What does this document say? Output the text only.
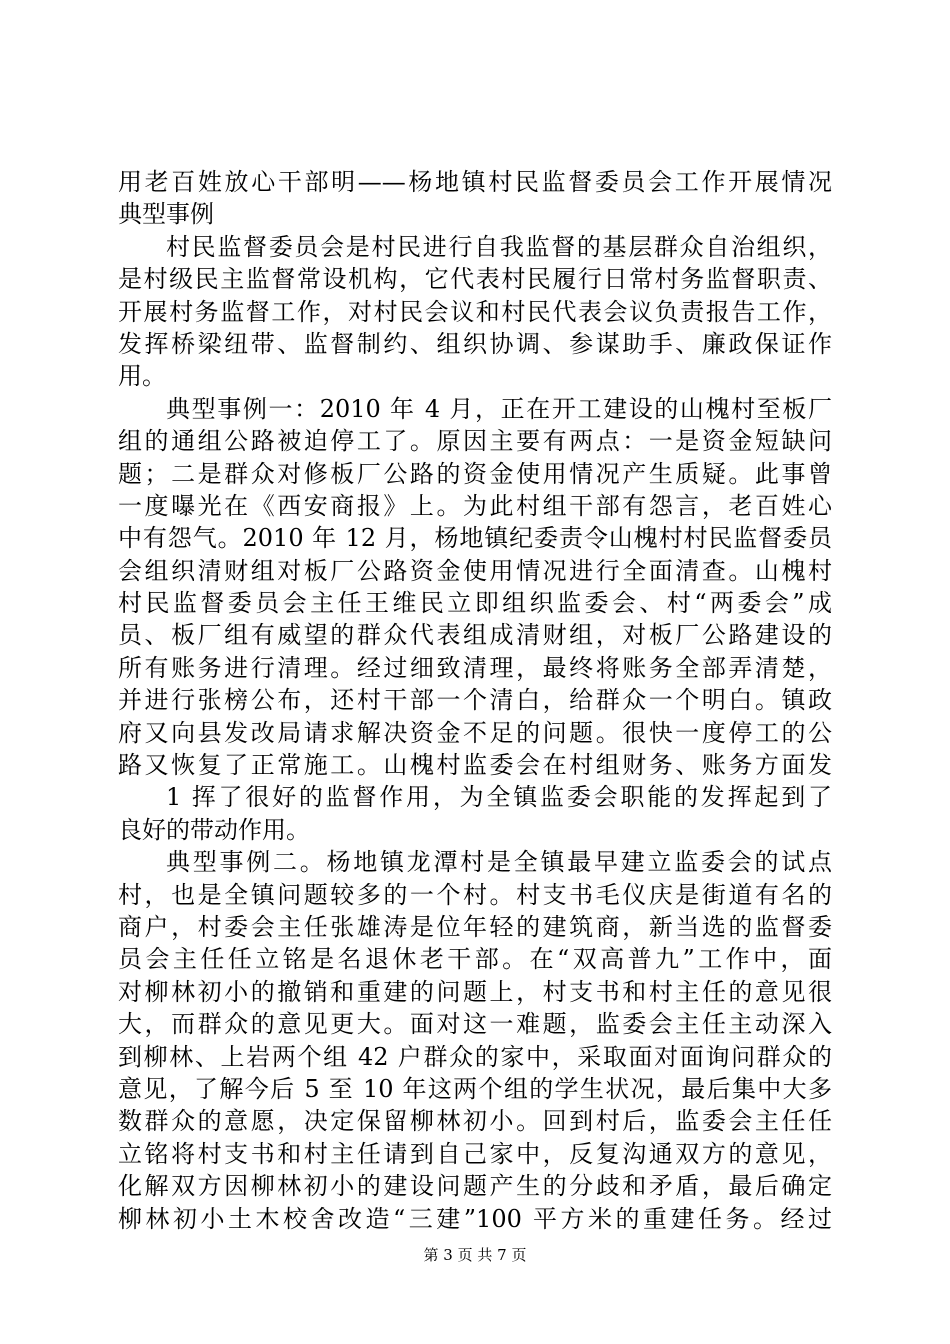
用老百姓放心干部明——杨地镇村民监督委员会工作开展情况
典型事例
村民监督委员会是村民进行自我监督的基层群众自治组织，
是村级民主监督常设机构，它代表村民履行日常村务监督职责、
开展村务监督工作，对村民会议和村民代表会议负责报告工作，
发挥桥梁纽带、监督制约、组织协调、参谋助手、廉政保证作
用。
典型事例一：2010 年 4 月，正在开工建设的山槐村至板厂
组的通组公路被迫停工了。原因主要有两点：一是资金短缺问
题；二是群众对修板厂公路的资金使用情况产生质疑。此事曾
一度曝光在《西安商报》上。为此村组干部有怨言，老百姓心
中有怨气。2010 年 12 月，杨地镇纪委责令山槐村村民监督委员
会组织清财组对板厂公路资金使用情况进行全面清查。山槐村
村民监督委员会主任王维民立即组织监委会、村“两委会”成
员、板厂组有威望的群众代表组成清财组，对板厂公路建设的
所有账务进行清理。经过细致清理，最终将账务全部弄清楚，
并进行张榜公布，还村干部一个清白，给群众一个明白。镇政
府又向县发改局请求解决资金不足的问题。很快一度停工的公
路又恢复了正常施工。山槐村监委会在村组财务、账务方面发
1 挥了很好的监督作用，为全镇监委会职能的发挥起到了
良好的带动作用。
典型事例二。杨地镇龙潭村是全镇最早建立监委会的试点
村，也是全镇问题较多的一个村。村支书毛仪庆是街道有名的
商户，村委会主任张雄涛是位年轻的建筑商，新当选的监督委
员会主任任立铭是名退休老干部。在“双高普九”工作中，面
对柳林初小的撤销和重建的问题上，村支书和村主任的意见很
大，而群众的意见更大。面对这一难题，监委会主任主动深入
到柳林、上岩两个组 42 户群众的家中，采取面对面询问群众的
意见，了解今后 5 至 10 年这两个组的学生状况，最后集中大多
数群众的意愿，决定保留柳林初小。回到村后，监委会主任任
立铭将村支书和村主任请到自己家中，反复沟通双方的意见，
化解双方因柳林初小的建设问题产生的分歧和矛盾，最后确定
柳林初小土木校舍改造“三建”100 平方米的重建任务。经过
第 3 页 共 7 页
